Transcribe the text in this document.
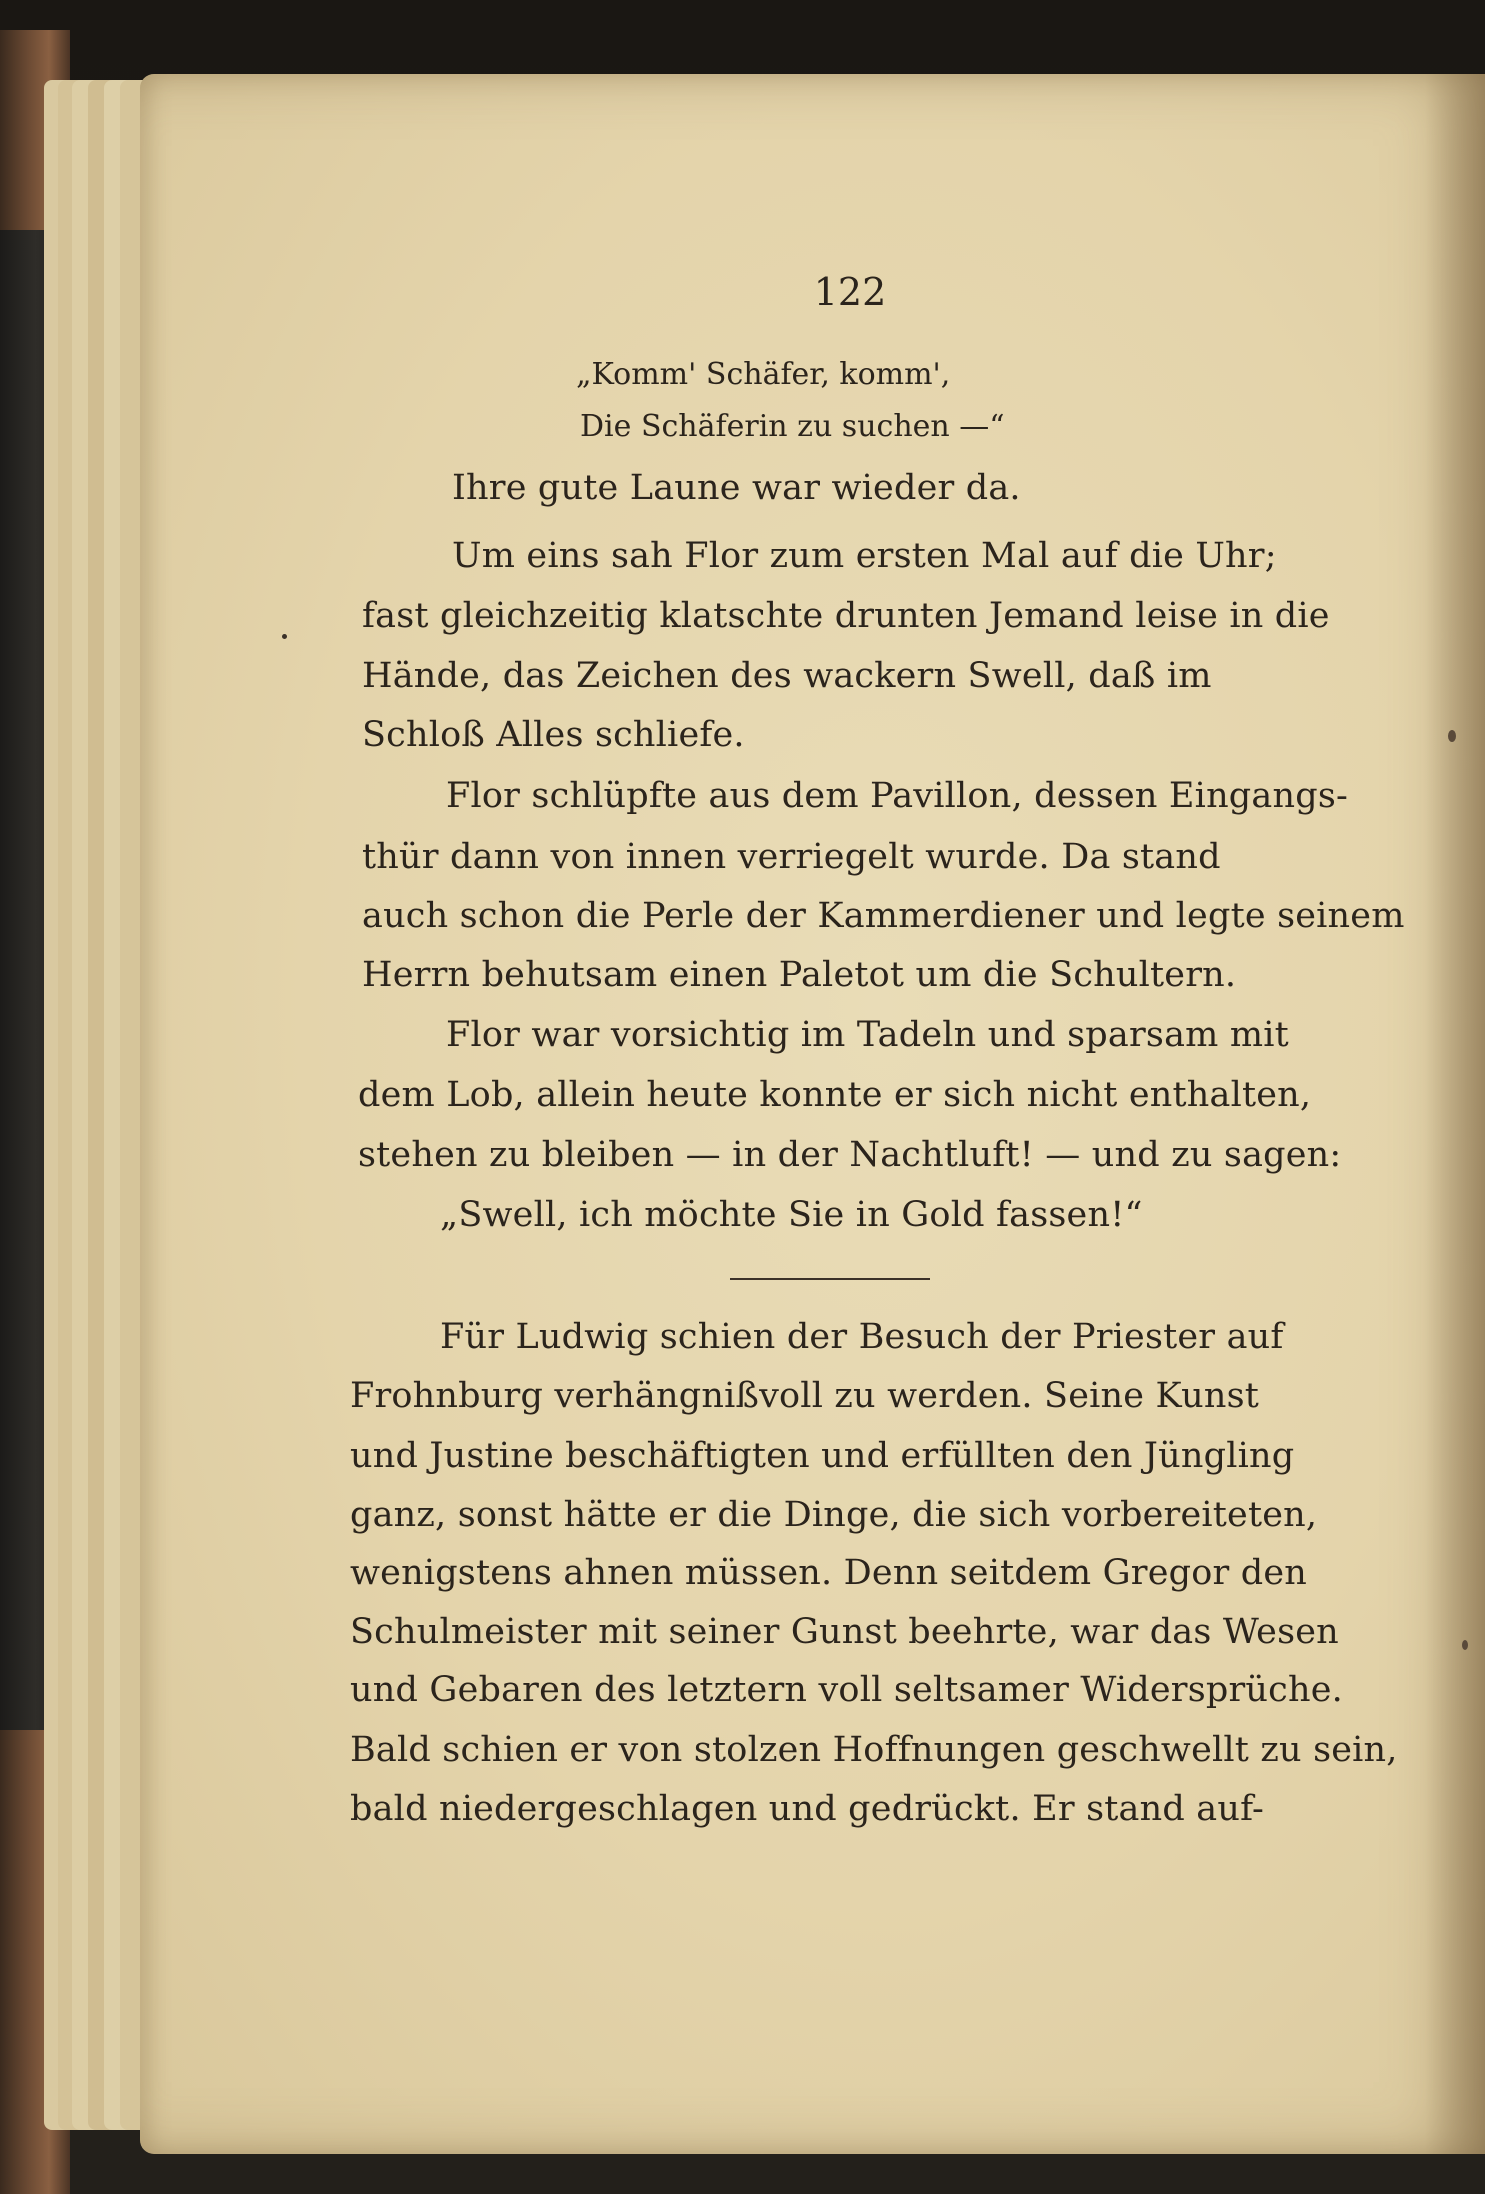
122
„Komm' Schäfer, komm',
Die Schäferin zu suchen —“
Ihre gute Laune war wieder da.
Um eins sah Flor zum ersten Mal auf die Uhr;
fast gleichzeitig klatschte drunten Jemand leise in die
Hände, das Zeichen des wackern Swell, daß im
Schloß Alles schliefe.
Flor schlüpfte aus dem Pavillon, dessen Eingangs-
thür dann von innen verriegelt wurde. Da stand
auch schon die Perle der Kammerdiener und legte seinem
Herrn behutsam einen Paletot um die Schultern.
Flor war vorsichtig im Tadeln und sparsam mit
dem Lob, allein heute konnte er sich nicht enthalten,
stehen zu bleiben — in der Nachtluft! — und zu sagen:
„Swell, ich möchte Sie in Gold fassen!“
Für Ludwig schien der Besuch der Priester auf
Frohnburg verhängnißvoll zu werden. Seine Kunst
und Justine beschäftigten und erfüllten den Jüngling
ganz, sonst hätte er die Dinge, die sich vorbereiteten,
wenigstens ahnen müssen. Denn seitdem Gregor den
Schulmeister mit seiner Gunst beehrte, war das Wesen
und Gebaren des letztern voll seltsamer Widersprüche.
Bald schien er von stolzen Hoffnungen geschwellt zu sein,
bald niedergeschlagen und gedrückt. Er stand auf-
